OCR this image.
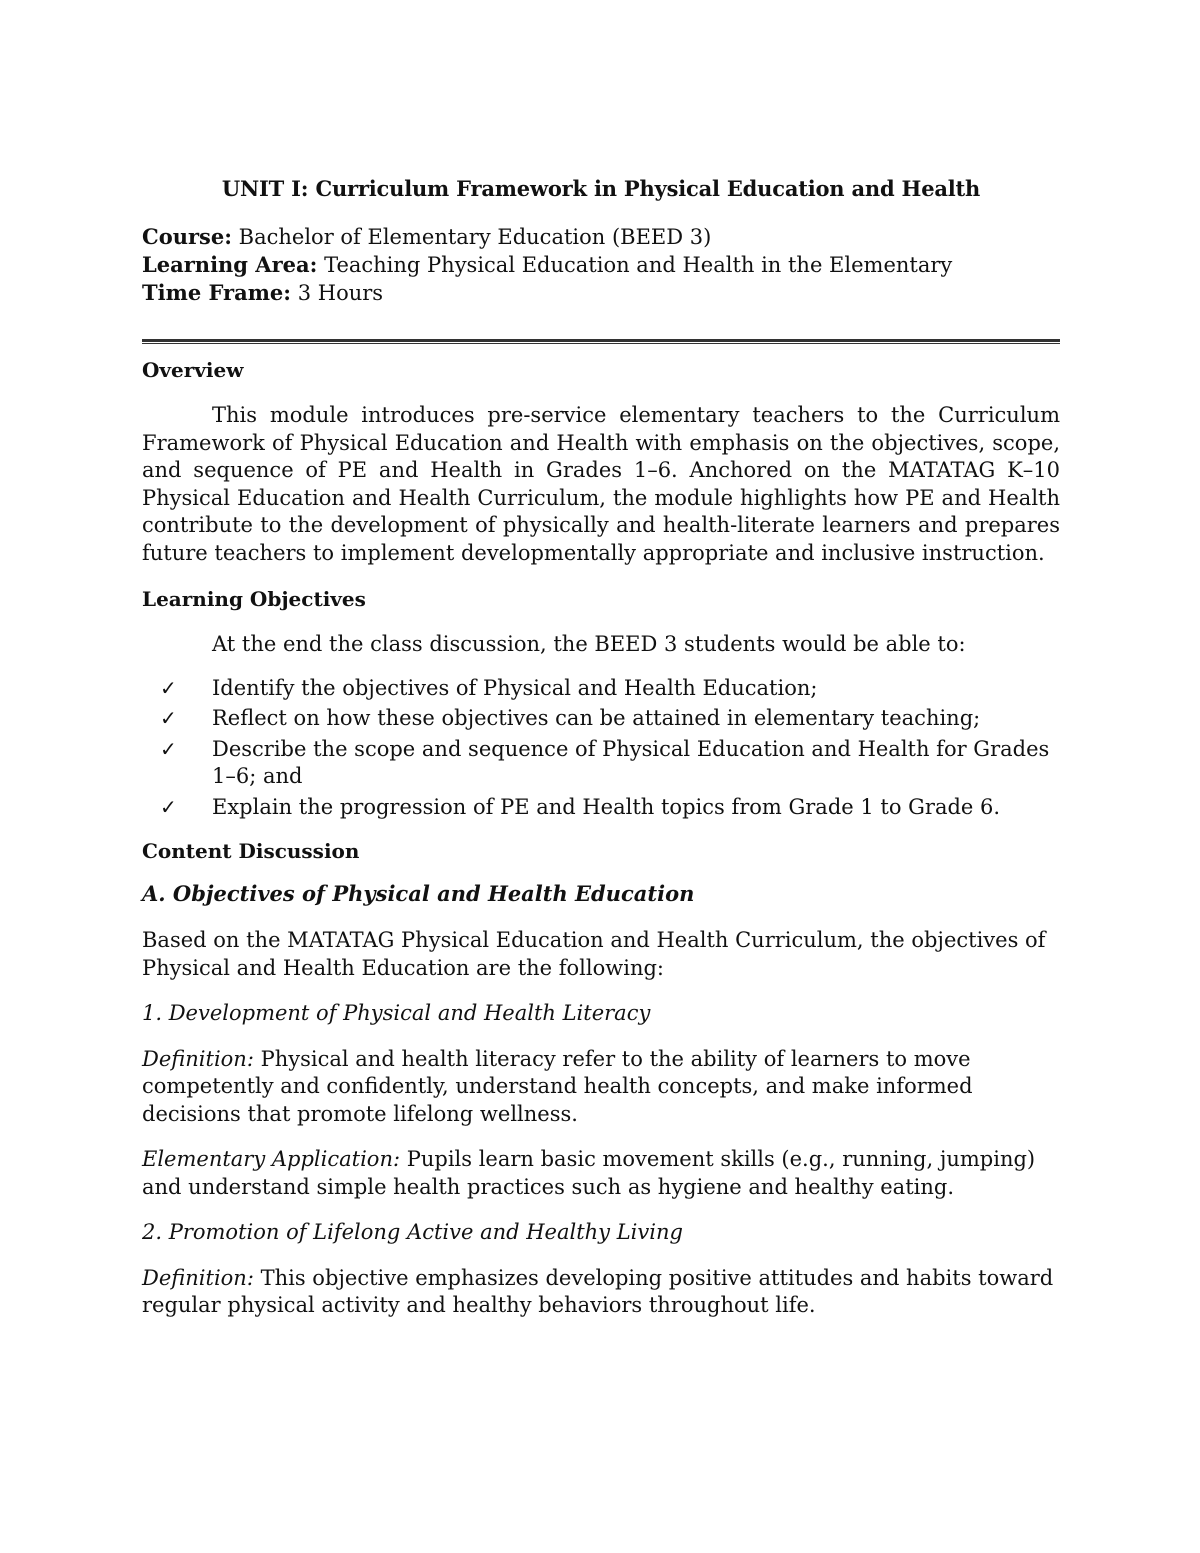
UNIT I: Curriculum Framework in Physical Education and Health

Course: Bachelor of Elementary Education (BEED 3)

Learning Area: Teaching Physical Education and Health in the Elementary

Time Frame: 3 Hours

Overview

This module introduces pre-service elementary teachers to the Curriculum Framework of Physical Education and Health with emphasis on the objectives, scope, and sequence of PE and Health in Grades 1–6. Anchored on the MATATAG K–10 Physical Education and Health Curriculum, the module highlights how PE and Health contribute to the development of physically and health-literate learners and prepares future teachers to implement developmentally appropriate and inclusive instruction.

Learning Objectives

At the end the class discussion, the BEED 3 students would be able to:

✓ Identify the objectives of Physical and Health Education;
✓ Reflect on how these objectives can be attained in elementary teaching;
✓ Describe the scope and sequence of Physical Education and Health for Grades 1–6; and
✓ Explain the progression of PE and Health topics from Grade 1 to Grade 6.
Content Discussion
A. Objectives of Physical and Health Education

Based on the MATATAG Physical Education and Health Curriculum, the objectives of Physical and Health Education are the following:

1. Development of Physical and Health Literacy

Definition: Physical and health literacy refer to the ability of learners to move competently and confidently, understand health concepts, and make informed decisions that promote lifelong wellness.

Elementary Application: Pupils learn basic movement skills (e.g., running, jumping) and understand simple health practices such as hygiene and healthy eating.

2. Promotion of Lifelong Active and Healthy Living

Definition: This objective emphasizes developing positive attitudes and habits toward regular physical activity and healthy behaviors throughout life.
